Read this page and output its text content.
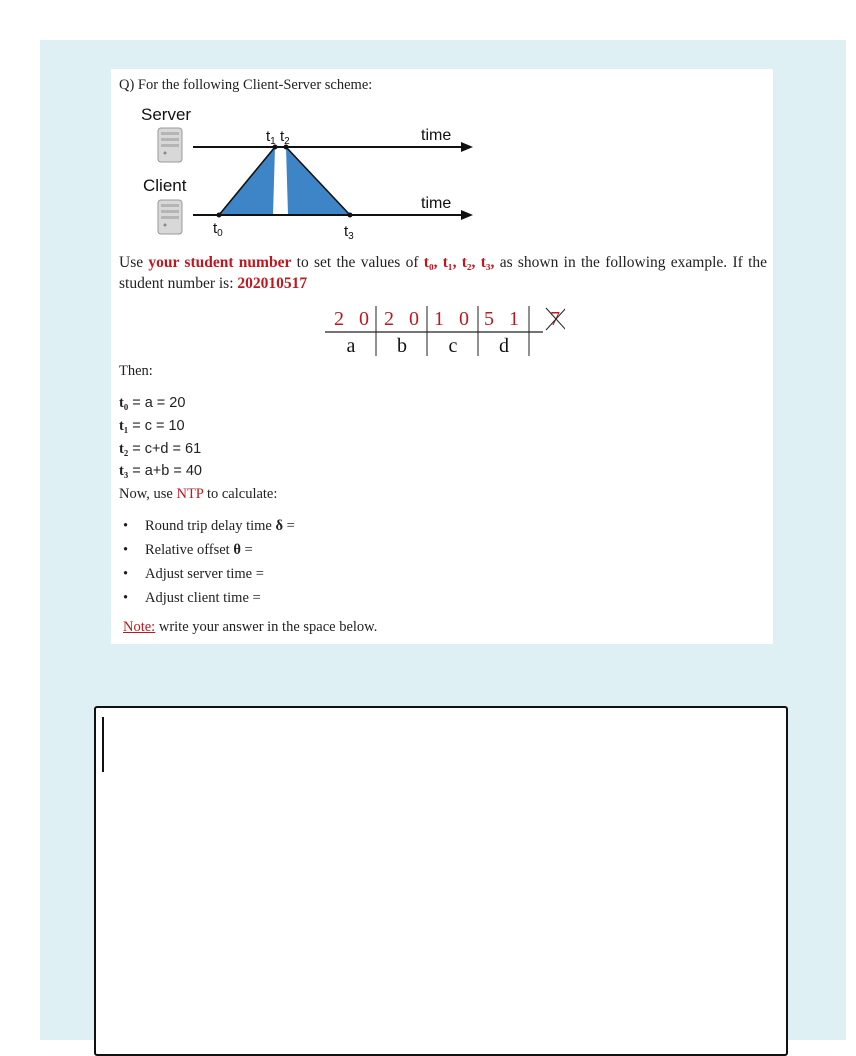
Q) For the following Client-Server scheme:
Server
Client
time
time
$t_1$ $t_2$
$t_0$	$t_3$
Use your student number to set the values of t₀, t₁, t₂, t₃, as shown in the following example. If the student number is: 202010517
2 0 2 0 1 0 5 1 7
a b c d
Then:
t₀ = a = 20
t₁ = c = 10
t₂ = c+d = 61
t₃ = a+b = 40
Now, use NTP to calculate:
• Round trip delay time δ =
• Relative offset θ =
• Adjust server time =
• Adjust client time =
Note: write your answer in the space below.
